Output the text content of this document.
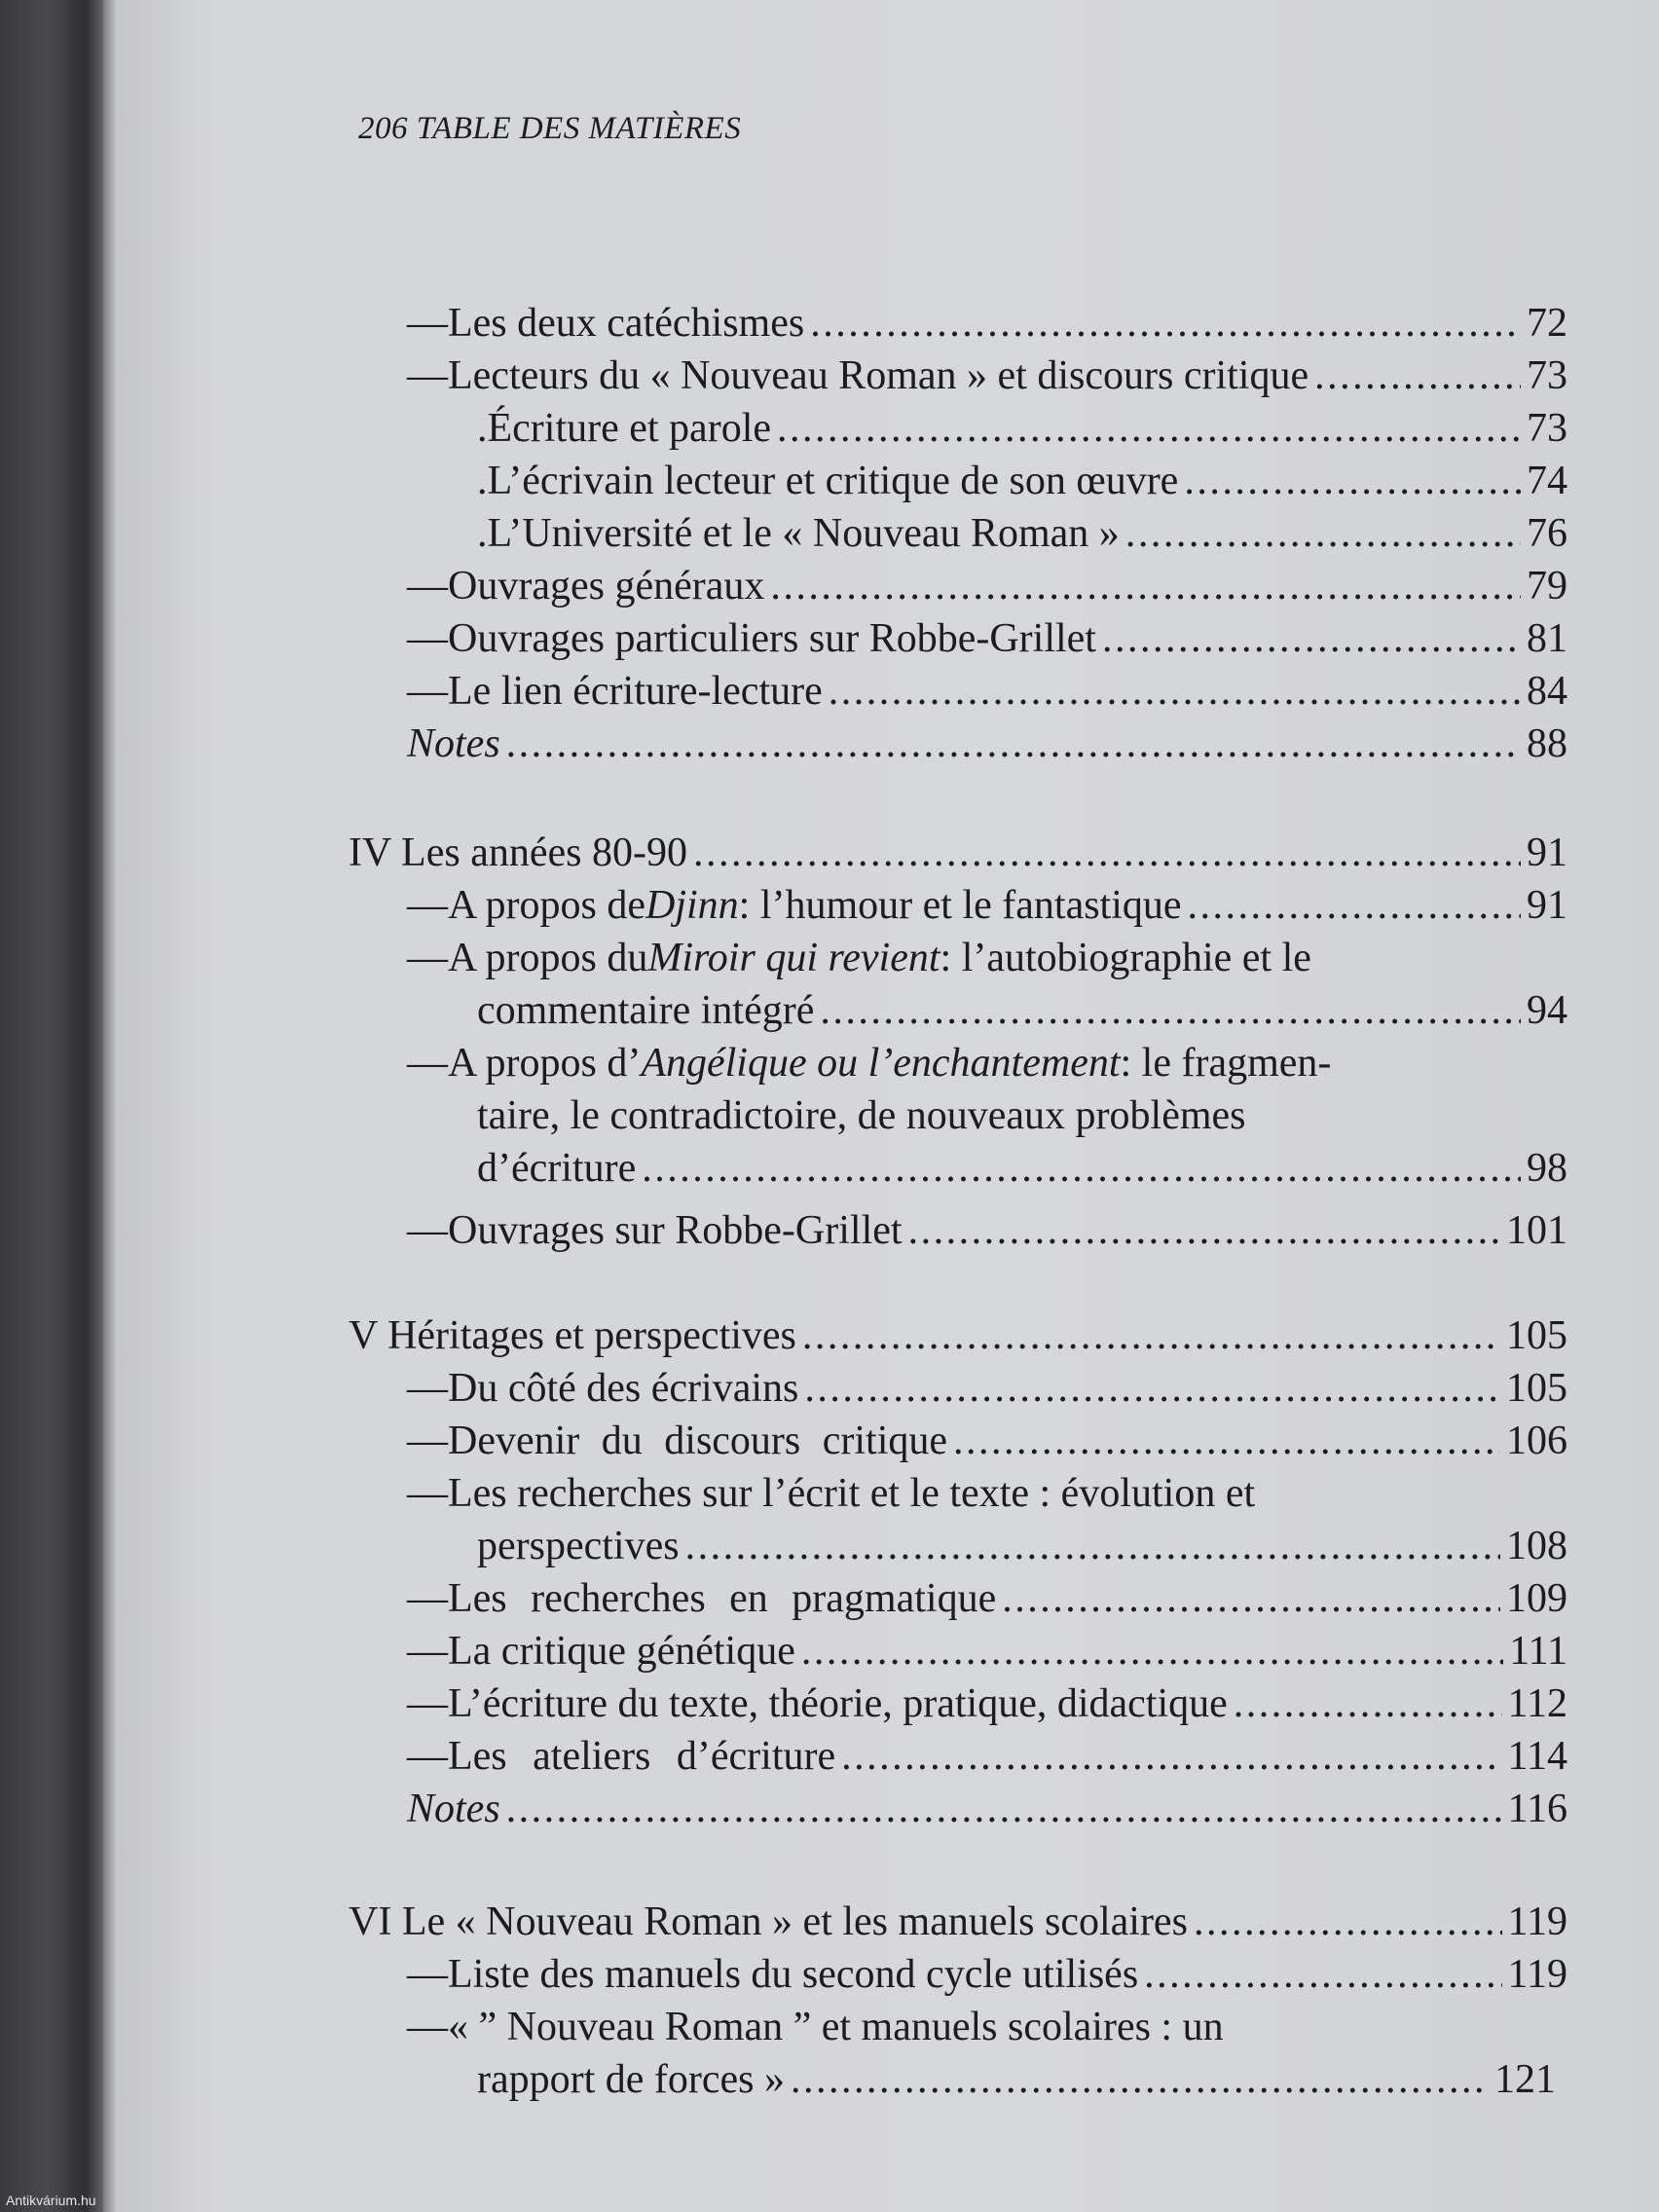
206 TABLE DES MATIÈRES
— Les deux catéchismes . . .	72
— Lecteurs du « Nouveau Roman » et discours critique . . .	73
. Écriture et parole . . .	73
. L’écrivain lecteur et critique de son œuvre . . .	74
. L’Université et le « Nouveau Roman » . . .	76
— Ouvrages généraux . . .	79
— Ouvrages particuliers sur Robbe-Grillet . . .	81
— Le lien écriture-lecture . . .	84
Notes . . .	88
IV Les années 80-90 . . .	91
— A propos de Djinn : l’humour et le fantastique . . .	91
— A propos du Miroir qui revient : l’autobiographie et le
commentaire intégré . . .	94
— A propos d’ Angélique ou l’enchantement : le fragmen-
taire, le contradictoire, de nouveaux problèmes
d’écriture . . .	98
— Ouvrages sur Robbe-Grillet . . .	101
V Héritages et perspectives . . .	105
— Du côté des écrivains . . .	105
— Devenir du discours critique . . .	106
— Les recherches sur l’écrit et le texte : évolution et
perspectives . . .	108
— Les recherches en pragmatique . . .	109
— La critique génétique . . .	111
— L’écriture du texte, théorie, pratique, didactique . . .	112
— Les ateliers d’écriture . . .	114
Notes . . .	116
VI Le « Nouveau Roman » et les manuels scolaires . . .	119
— Liste des manuels du second cycle utilisés . . .	119
— « ” Nouveau Roman ” et manuels scolaires : un
rapport de forces » . . .	121
Antikvárium.hu
